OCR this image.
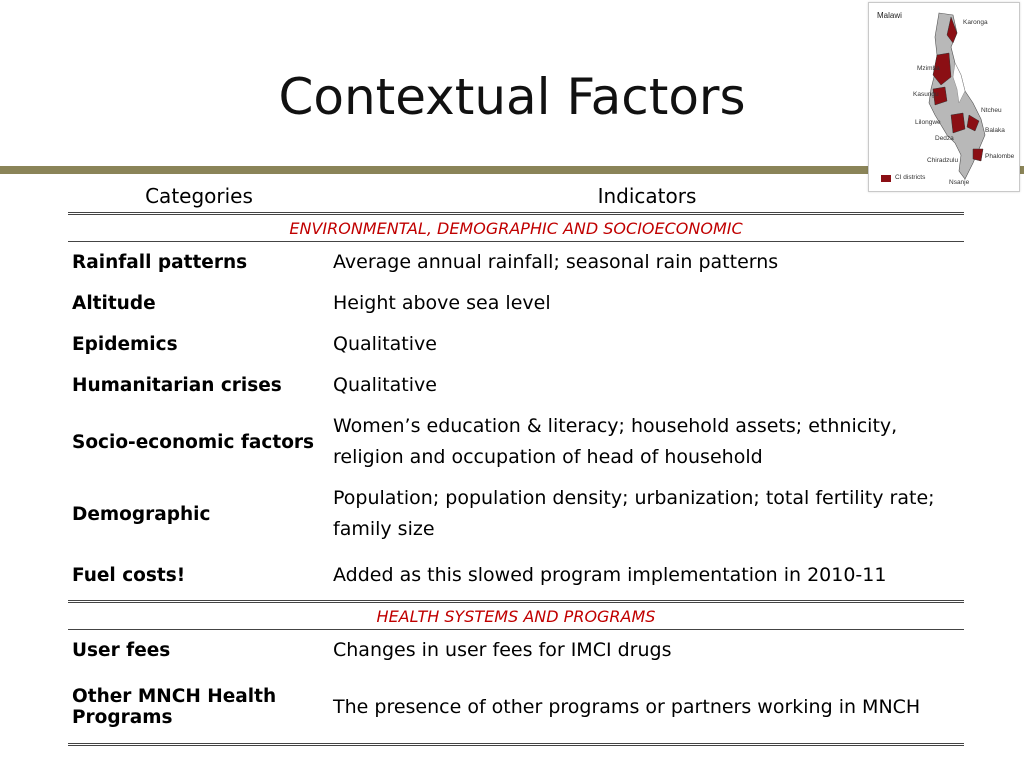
Contextual Factors
Malawi
Karonga
Mzimba
Kasungu
Ntcheu
Lilongwe
Balaka
Dedza
Phalombe
Chiradzulu
Nsanje
CI districts
Categories	Indicators
ENVIRONMENTAL, DEMOGRAPHIC AND SOCIOECONOMIC	
Rainfall patterns	Average annual rainfall; seasonal rain patterns
Altitude	Height above sea level
Epidemics	Qualitative
Humanitarian crises	Qualitative
Socio-economic factors	Women’s education & literacy; household assets; ethnicity, religion and occupation of head of household
Demographic	Population; population density; urbanization; total fertility rate; family size
Fuel costs!	Added as this slowed program implementation in 2010-11
HEALTH SYSTEMS AND PROGRAMS	
User fees	Changes in user fees for IMCI drugs
Other MNCH Health Programs	The presence of other programs or partners working in MNCH
